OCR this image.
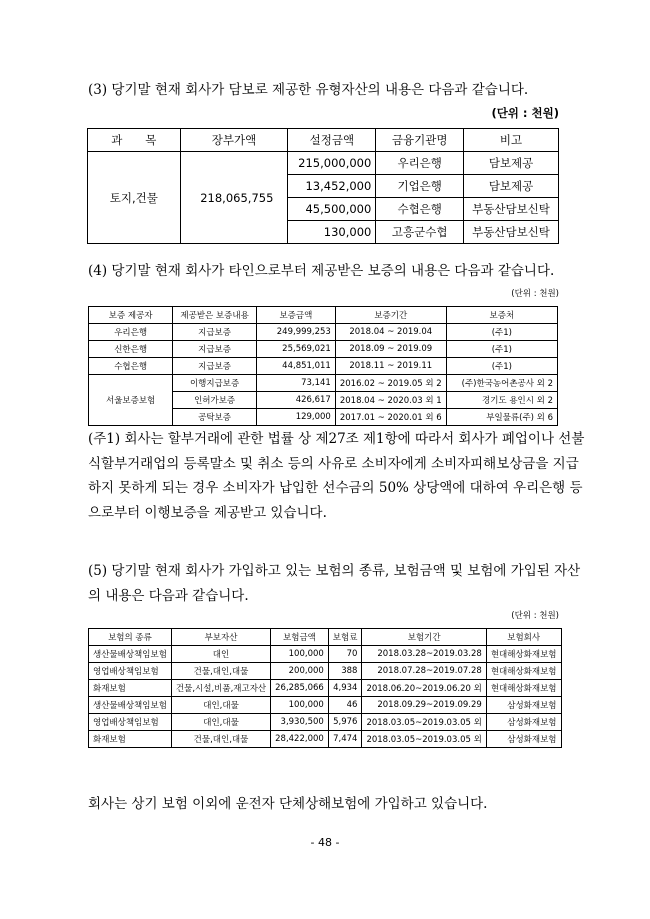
(3) 당기말 현재 회사가 담보로 제공한 유형자산의 내용은 다음과 같습니다.
(단위 : 천원)
과　　목	장부가액	설정금액	금융기관명	비고
토지,건물	218,065,755	215,000,000	우리은행	담보제공
		13,452,000	기업은행	담보제공
		45,500,000	수협은행	부동산담보신탁
		130,000	고흥군수협	부동산담보신탁
(4) 당기말 현재 회사가 타인으로부터 제공받은 보증의 내용은 다음과 같습니다.
(단위 : 천원)
보증 제공자	제공받은 보증내용	보증금액	보증기간	보증처
우리은행	지급보증	249,999,253	2018.04 ~ 2019.04	(주1)
신한은행	지급보증	25,569,021	2018.09 ~ 2019.09	(주1)
수협은행	지급보증	44,851,011	2018.11 ~ 2019.11	(주1)
서울보증보험	이행지급보증	73,141	2016.02 ~ 2019.05 외 2	(주)한국농어촌공사 외 2
	인허가보증	426,617	2018.04 ~ 2020.03 외 1	경기도 용인시 외 2
	공탁보증	129,000	2017.01 ~ 2020.01 외 6	부일물류(주) 외 6
(주1) 회사는 할부거래에 관한 법률 상 제27조 제1항에 따라서 회사가 폐업이나 선불
식할부거래업의 등록말소 및 취소 등의 사유로 소비자에게 소비자피해보상금을 지급
하지 못하게 되는 경우 소비자가 납입한 선수금의 50% 상당액에 대하여 우리은행 등
으로부터 이행보증을 제공받고 있습니다.
(5) 당기말 현재 회사가 가입하고 있는 보험의 종류, 보험금액 및 보험에 가입된 자산
의 내용은 다음과 같습니다.
(단위 : 천원)
보험의 종류	부보자산	보험금액	보험료	보험기간	보험회사
생산물배상책임보험	대인	100,000	70	2018.03.28~2019.03.28	현대해상화재보험
영업배상책임보험	건물,대인,대물	200,000	388	2018.07.28~2019.07.28	현대해상화재보험
화재보험	건물,시설,비품,재고자산	26,285,066	4,934	2018.06.20~2019.06.20 외	현대해상화재보험
생산물배상책임보험	대인,대물	100,000	46	2018.09.29~2019.09.29	삼성화재보험
영업배상책임보험	대인,대물	3,930,500	5,976	2018.03.05~2019.03.05 외	삼성화재보험
화재보험	건물,대인,대물	28,422,000	7,474	2018.03.05~2019.03.05 외	삼성화재보험
회사는 상기 보험 이외에 운전자 단체상해보험에 가입하고 있습니다.
- 48 -
